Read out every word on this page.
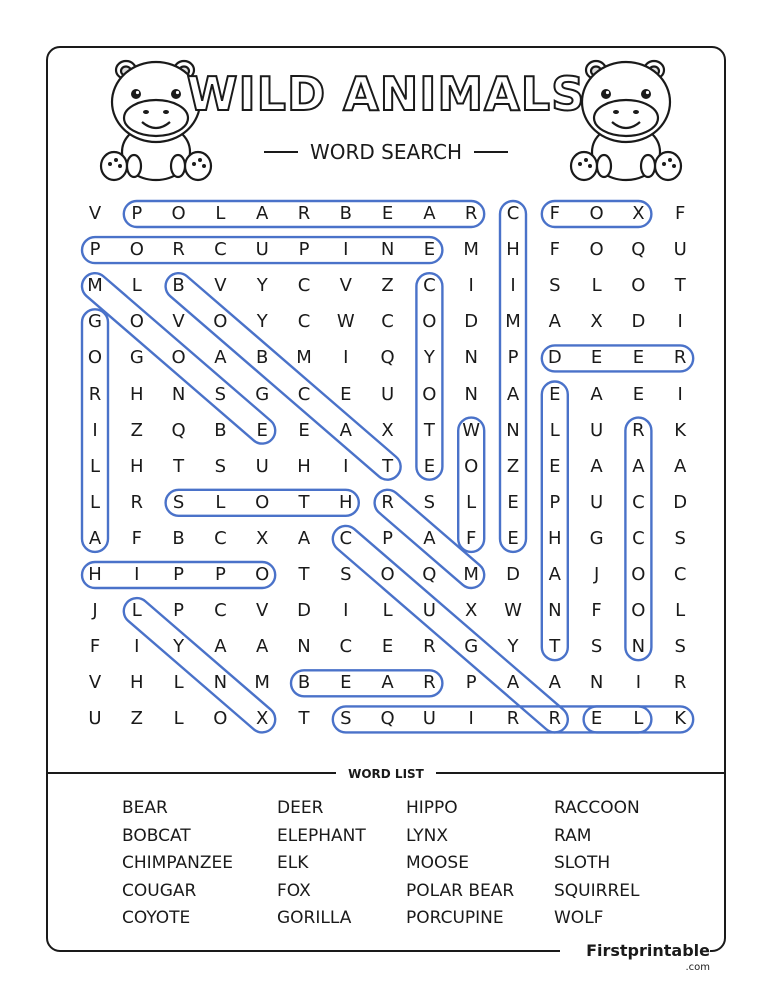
WILD ANIMALS
WORD SEARCH
V	P	O	L	A	R	B	E	A	R	C	F	O	X	F
P	O	R	C	U	P	I	N	E	M	H	F	O	Q	U
M	L	B	V	Y	C	V	Z	C	I	I	S	L	O	T
G	O	V	O	Y	C	W	C	O	D	M	A	X	D	I
O	G	O	A	B	M	I	Q	Y	N	P	D	E	E	R
R	H	N	S	G	C	E	U	O	N	A	E	A	E	I
I	Z	Q	B	E	E	A	X	T	W	N	L	U	R	K
L	H	T	S	U	H	I	T	E	O	Z	E	A	A	A
L	R	S	L	O	T	H	R	S	L	E	P	U	C	D
A	F	B	C	X	A	C	P	A	F	E	H	G	C	S
H	I	P	P	O	T	S	O	Q	M	D	A	J	O	C
J	L	P	C	V	D	I	L	U	X	W	N	F	O	L
F	I	Y	A	A	N	C	E	R	G	Y	T	S	N	S
V	H	L	N	M	B	E	A	R	P	A	A	N	I	R
U	Z	L	O	X	T	S	Q	U	I	R	R	E	L	K
WORD LIST
BEAR
BOBCAT
CHIMPANZEE
COUGAR
COYOTE
DEER
ELEPHANT
ELK
FOX
GORILLA
HIPPO
LYNX
MOOSE
POLAR BEAR
PORCUPINE
RACCOON
RAM
SLOTH
SQUIRREL
WOLF
Firstprintable
.com
